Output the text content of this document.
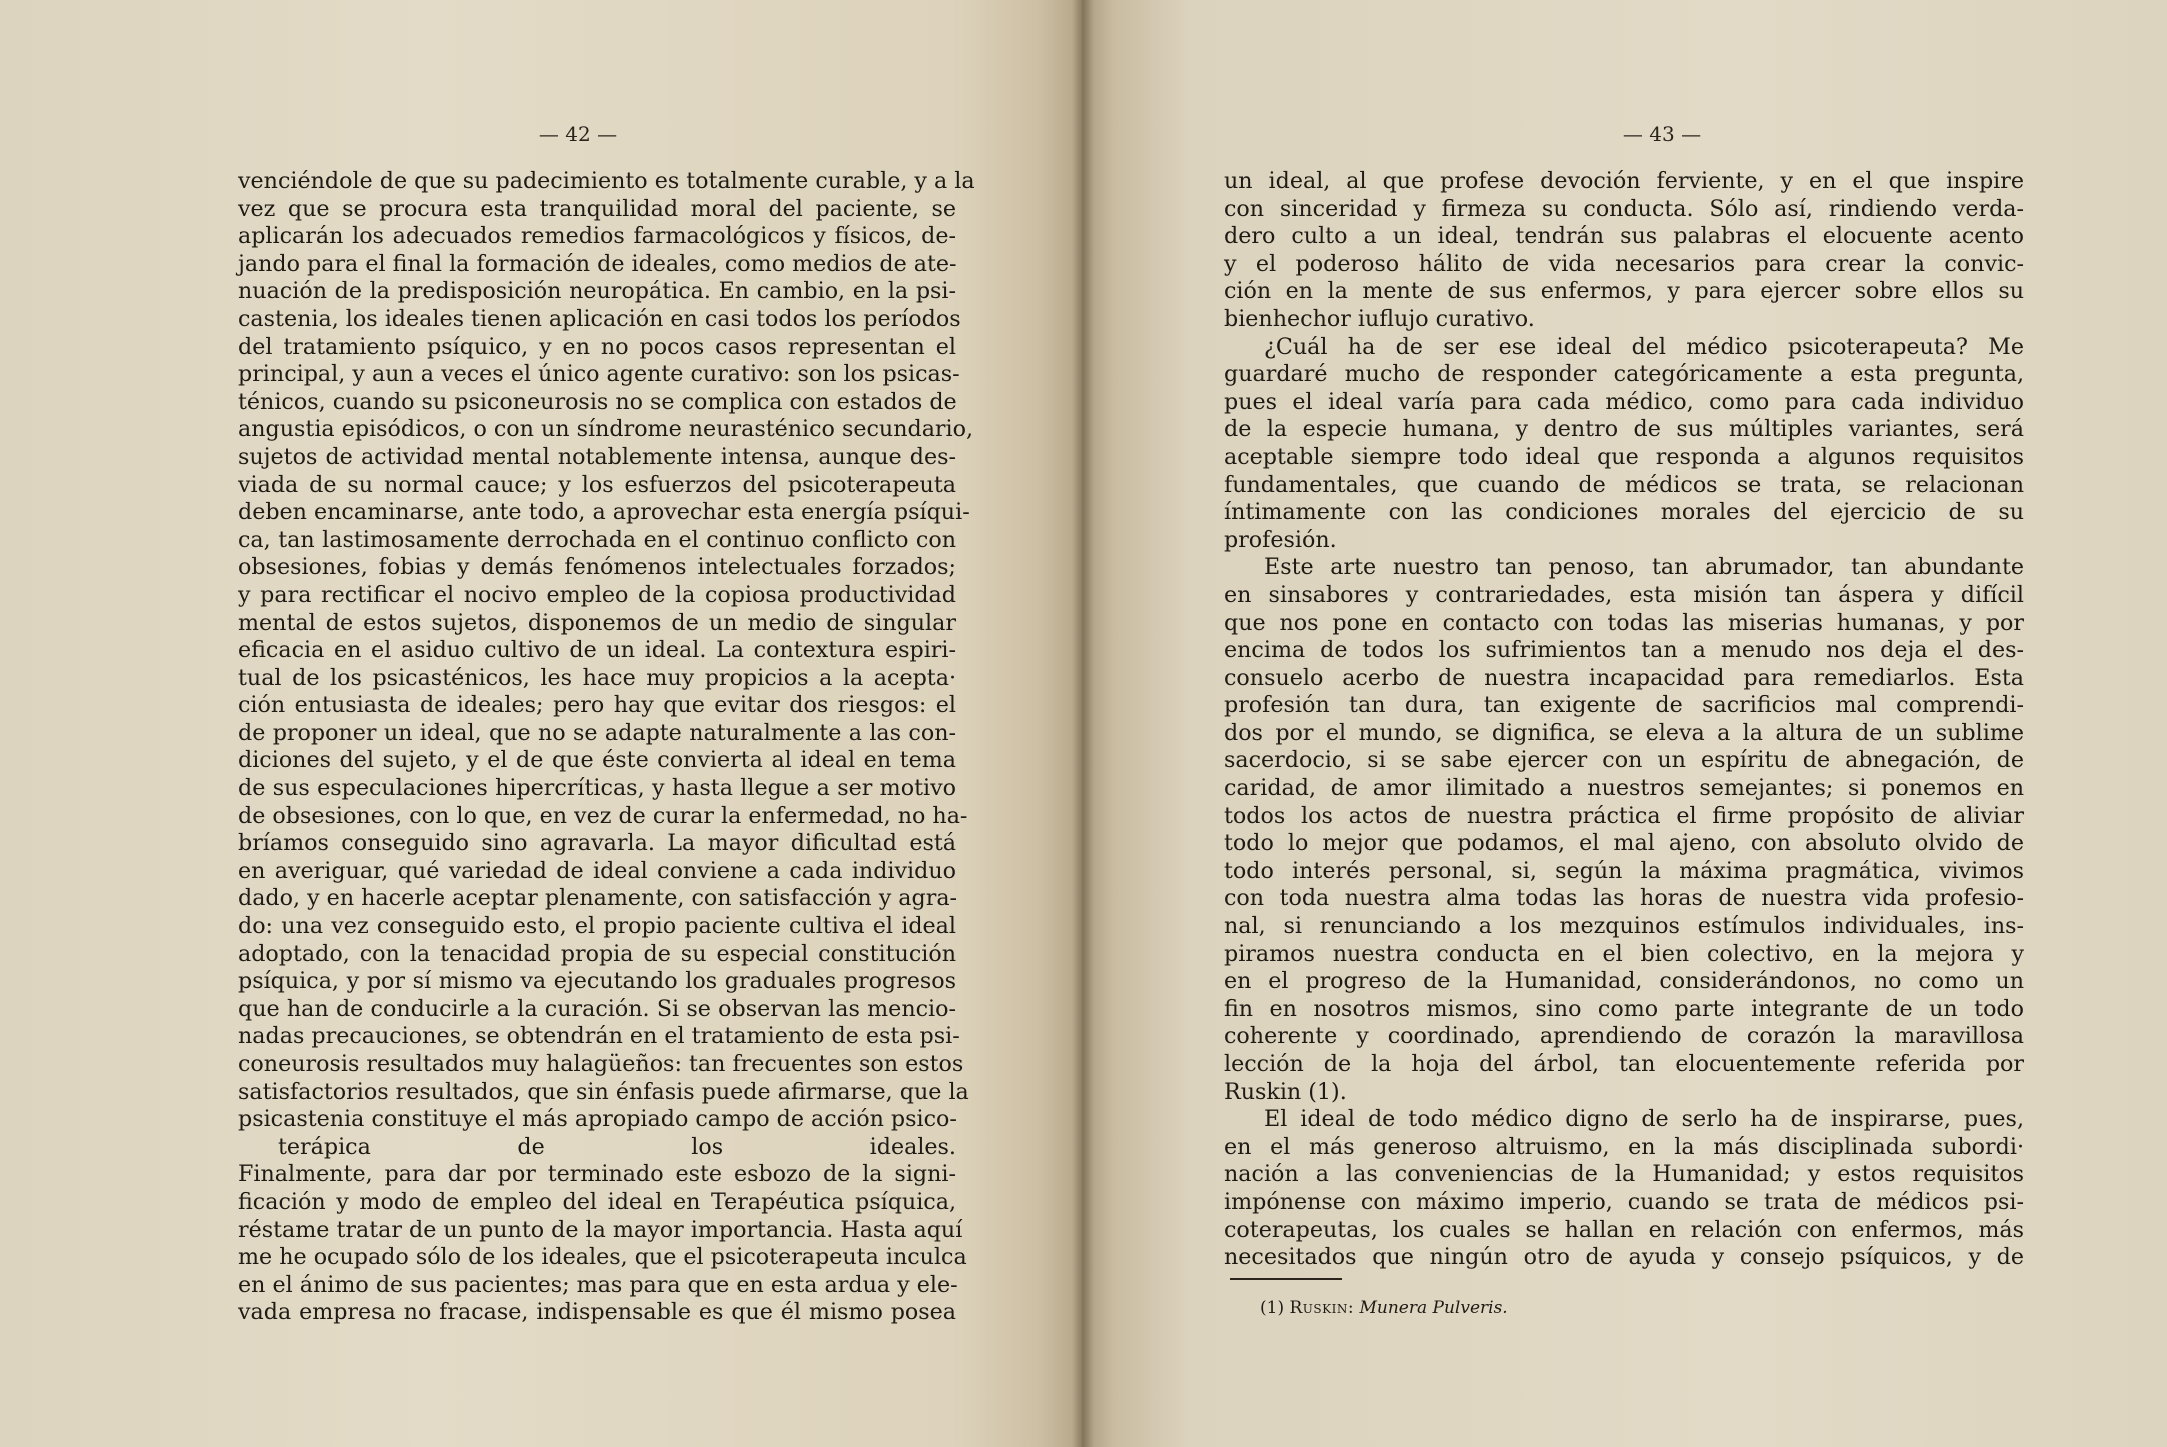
— 42 —
venciéndole de que su padecimiento es totalmente curable, y a la
vez que se procura esta tranquilidad moral del paciente, se
aplicarán los adecuados remedios farmacológicos y físicos, de-
jando para el final la formación de ideales, como medios de ate-
nuación de la predisposición neuropática. En cambio, en la psi-
castenia, los ideales tienen aplicación en casi todos los períodos
del tratamiento psíquico, y en no pocos casos representan el
principal, y aun a veces el único agente curativo: son los psicas-
ténicos, cuando su psiconeurosis no se complica con estados de
angustia episódicos, o con un síndrome neurasténico secundario,
sujetos de actividad mental notablemente intensa, aunque des-
viada de su normal cauce; y los esfuerzos del psicoterapeuta
deben encaminarse, ante todo, a aprovechar esta energía psíqui-
ca, tan lastimosamente derrochada en el continuo conflicto con
obsesiones, fobias y demás fenómenos intelectuales forzados;
y para rectificar el nocivo empleo de la copiosa productividad
mental de estos sujetos, disponemos de un medio de singular
eficacia en el asiduo cultivo de un ideal. La contextura espiri-
tual de los psicasténicos, les hace muy propicios a la acepta·
ción entusiasta de ideales; pero hay que evitar dos riesgos: el
de proponer un ideal, que no se adapte naturalmente a las con-
diciones del sujeto, y el de que éste convierta al ideal en tema
de sus especulaciones hipercríticas, y hasta llegue a ser motivo
de obsesiones, con lo que, en vez de curar la enfermedad, no ha-
bríamos conseguido sino agravarla. La mayor dificultad está
en averiguar, qué variedad de ideal conviene a cada individuo
dado, y en hacerle aceptar plenamente, con satisfacción y agra-
do: una vez conseguido esto, el propio paciente cultiva el ideal
adoptado, con la tenacidad propia de su especial constitución
psíquica, y por sí mismo va ejecutando los graduales progresos
que han de conducirle a la curación. Si se observan las mencio-
nadas precauciones, se obtendrán en el tratamiento de esta psi-
coneurosis resultados muy halagüeños: tan frecuentes son estos
satisfactorios resultados, que sin énfasis puede afirmarse, que la
psicastenia constituye el más apropiado campo de acción psico-
terápica de los ideales.
Finalmente, para dar por terminado este esbozo de la signi-
ficación y modo de empleo del ideal en Terapéutica psíquica,
réstame tratar de un punto de la mayor importancia. Hasta aquí
me he ocupado sólo de los ideales, que el psicoterapeuta inculca
en el ánimo de sus pacientes; mas para que en esta ardua y ele-
vada empresa no fracase, indispensable es que él mismo posea
— 43 —
un ideal, al que profese devoción ferviente, y en el que inspire
con sinceridad y firmeza su conducta. Sólo así, rindiendo verda-
dero culto a un ideal, tendrán sus palabras el elocuente acento
y el poderoso hálito de vida necesarios para crear la convic-
ción en la mente de sus enfermos, y para ejercer sobre ellos su
bienhechor iuflujo curativo.
¿Cuál ha de ser ese ideal del médico psicoterapeuta? Me
guardaré mucho de responder categóricamente a esta pregunta,
pues el ideal varía para cada médico, como para cada individuo
de la especie humana, y dentro de sus múltiples variantes, será
aceptable siempre todo ideal que responda a algunos requisitos
fundamentales, que cuando de médicos se trata, se relacionan
íntimamente con las condiciones morales del ejercicio de su
profesión.
Este arte nuestro tan penoso, tan abrumador, tan abundante
en sinsabores y contrariedades, esta misión tan áspera y difícil
que nos pone en contacto con todas las miserias humanas, y por
encima de todos los sufrimientos tan a menudo nos deja el des-
consuelo acerbo de nuestra incapacidad para remediarlos. Esta
profesión tan dura, tan exigente de sacrificios mal comprendi-
dos por el mundo, se dignifica, se eleva a la altura de un sublime
sacerdocio, si se sabe ejercer con un espíritu de abnegación, de
caridad, de amor ilimitado a nuestros semejantes; si ponemos en
todos los actos de nuestra práctica el firme propósito de aliviar
todo lo mejor que podamos, el mal ajeno, con absoluto olvido de
todo interés personal, si, según la máxima pragmática, vivimos
con toda nuestra alma todas las horas de nuestra vida profesio-
nal, si renunciando a los mezquinos estímulos individuales, ins-
piramos nuestra conducta en el bien colectivo, en la mejora y
en el progreso de la Humanidad, considerándonos, no como un
fin en nosotros mismos, sino como parte integrante de un todo
coherente y coordinado, aprendiendo de corazón la maravillosa
lección de la hoja del árbol, tan elocuentemente referida por
Ruskin (1).
El ideal de todo médico digno de serlo ha de inspirarse, pues,
en el más generoso altruismo, en la más disciplinada subordi·
nación a las conveniencias de la Humanidad; y estos requisitos
impónense con máximo imperio, cuando se trata de médicos psi-
coterapeutas, los cuales se hallan en relación con enfermos, más
necesitados que ningún otro de ayuda y consejo psíquicos, y de
(1) Ruskin: Munera Pulveris.
